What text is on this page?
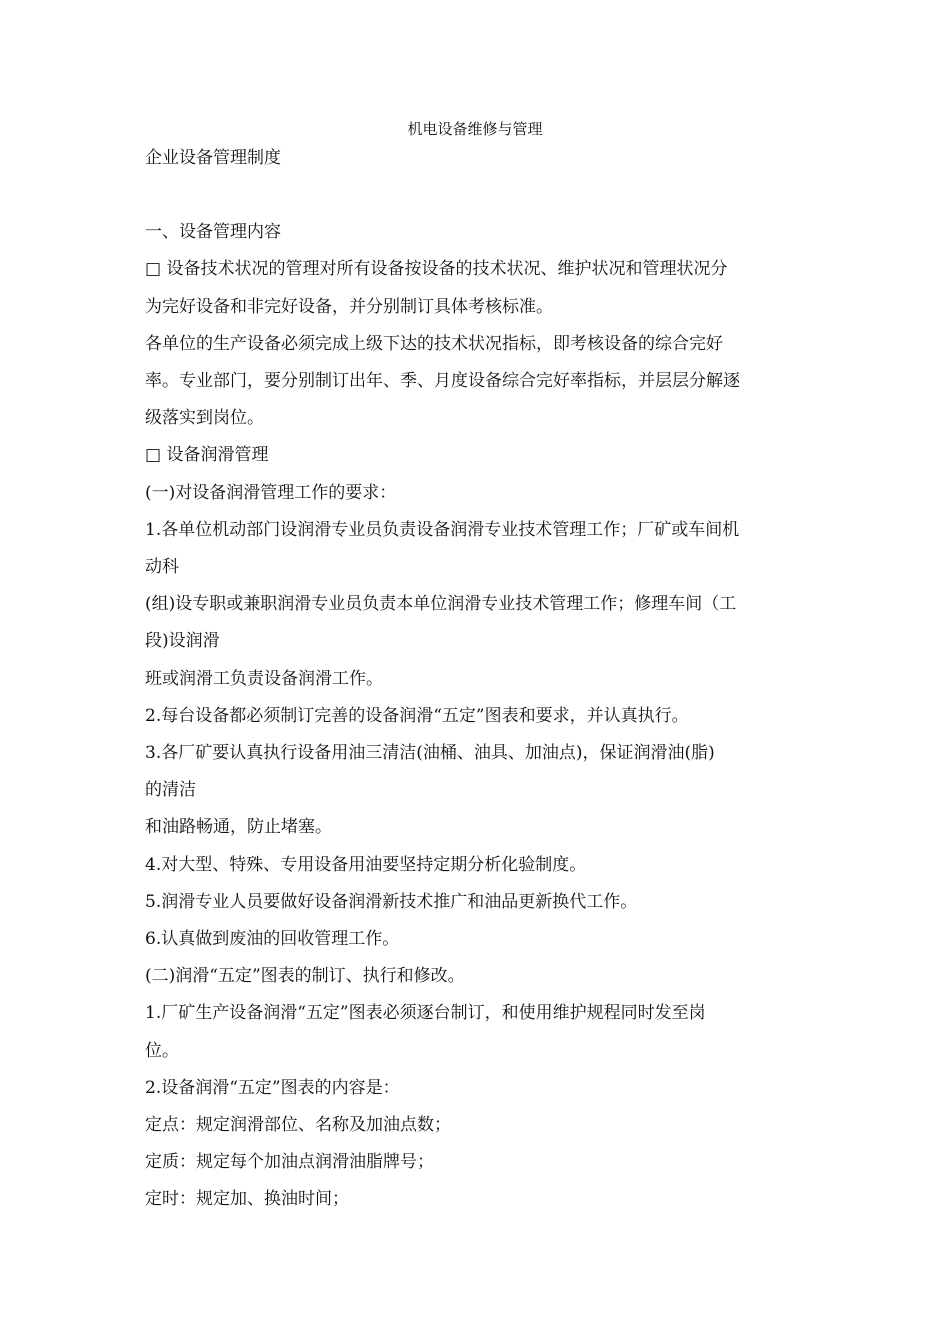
机电设备维修与管理

企业设备管理制度

一、设备管理内容

□ 设备技术状况的管理对所有设备按设备的技术状况、维护状况和管理状况分

为完好设备和非完好设备，并分别制订具体考核标准。

各单位的生产设备必须完成上级下达的技术状况指标，即考核设备的综合完好

率。专业部门，要分别制订出年、季、月度设备综合完好率指标，并层层分解逐

级落实到岗位。

□ 设备润滑管理

(一)对设备润滑管理工作的要求：

1.各单位机动部门设润滑专业员负责设备润滑专业技术管理工作；厂矿或车间机

动科

(组)设专职或兼职润滑专业员负责本单位润滑专业技术管理工作；修理车间（工

段)设润滑

班或润滑工负责设备润滑工作。

2.每台设备都必须制订完善的设备润滑“五定”图表和要求，并认真执行。

3.各厂矿要认真执行设备用油三清洁(油桶、油具、加油点)，保证润滑油(脂)

的清洁

和油路畅通，防止堵塞。

4.对大型、特殊、专用设备用油要坚持定期分析化验制度。

5.润滑专业人员要做好设备润滑新技术推广和油品更新换代工作。

6.认真做到废油的回收管理工作。

(二)润滑“五定”图表的制订、执行和修改。

1.厂矿生产设备润滑“五定”图表必须逐台制订，和使用维护规程同时发至岗

位。

2.设备润滑“五定”图表的内容是：

定点：规定润滑部位、名称及加油点数；

定质：规定每个加油点润滑油脂牌号；

定时：规定加、换油时间；
